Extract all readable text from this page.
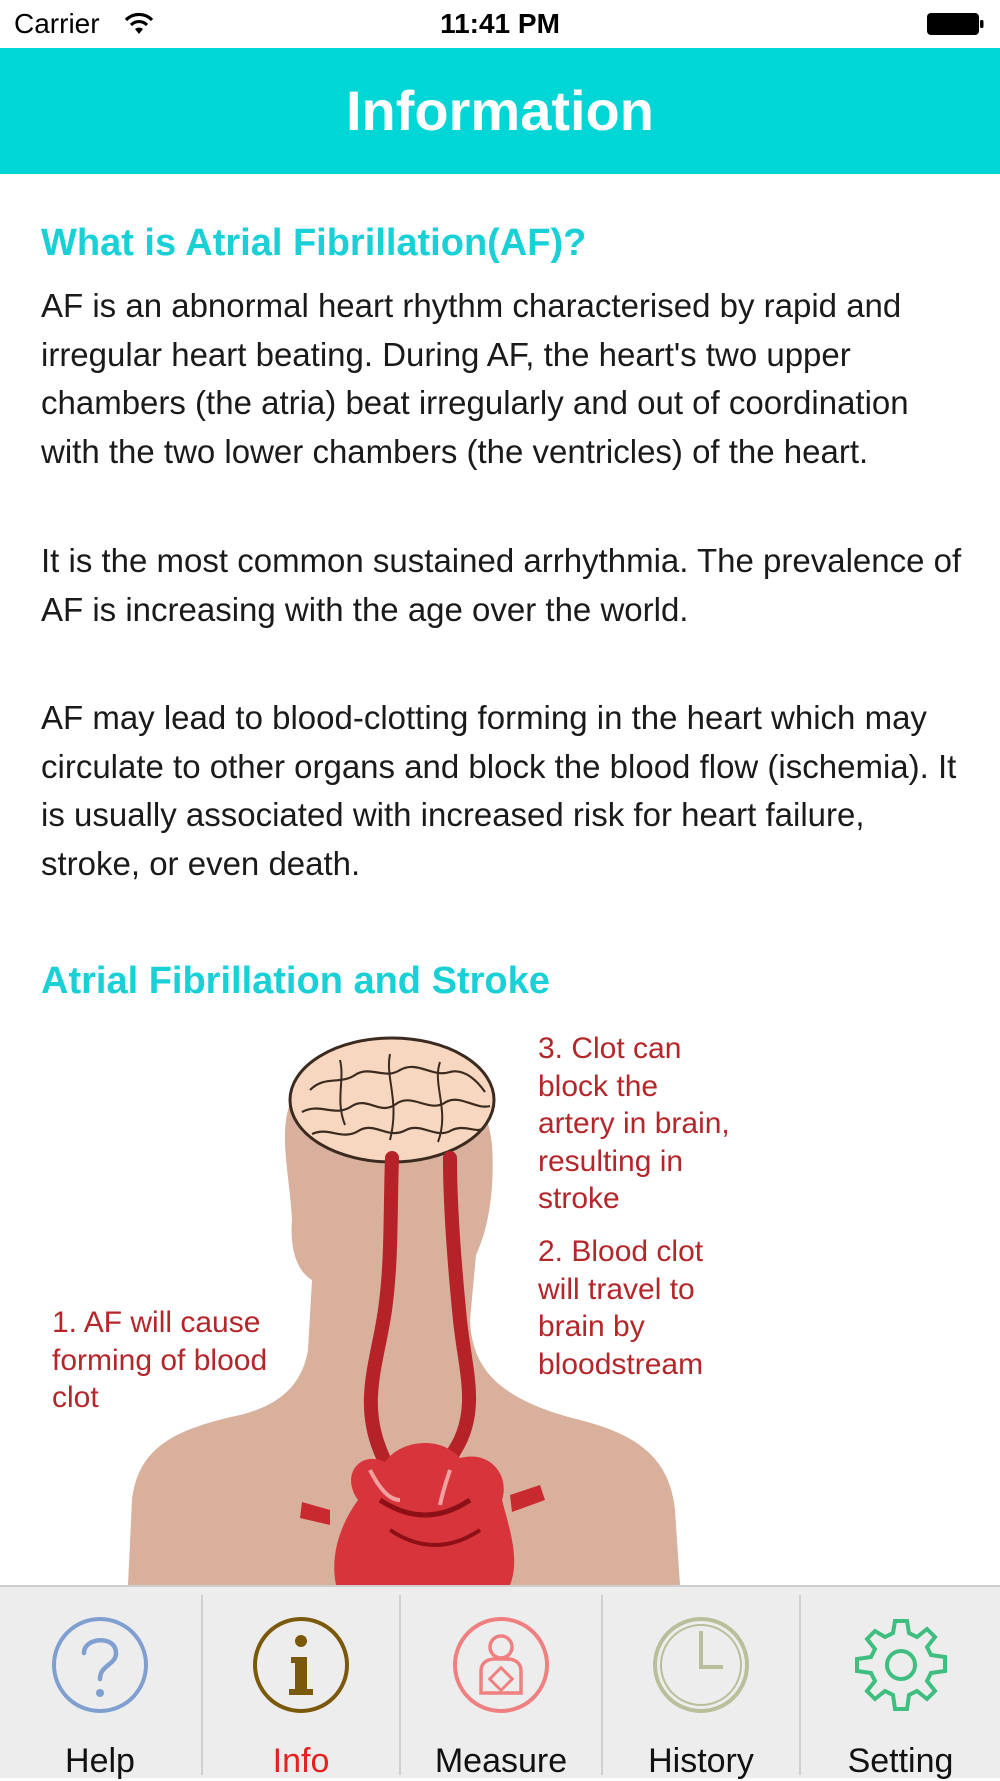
Carrier	11:41 PM
Information
What is Atrial Fibrillation(AF)?

AF is an abnormal heart rhythm characterised by rapid and irregular heart beating. During AF, the heart's two upper chambers (the atria) beat irregularly and out of coordination with the two lower chambers (the ventricles) of the heart.

It is the most common sustained arrhythmia. The prevalence of AF is increasing with the age over the world.

AF may lead to blood-clotting forming in the heart which may circulate to other organs and block the blood flow (ischemia). It is usually associated with increased risk for heart failure, stroke, or even death.

Atrial Fibrillation and Stroke

3. Clot can
block the
artery in brain,
resulting in
stroke

2. Blood clot
will travel to
brain by
bloodstream

1. AF will cause
forming of blood
clot

Help	Info	Measure	History	Setting
